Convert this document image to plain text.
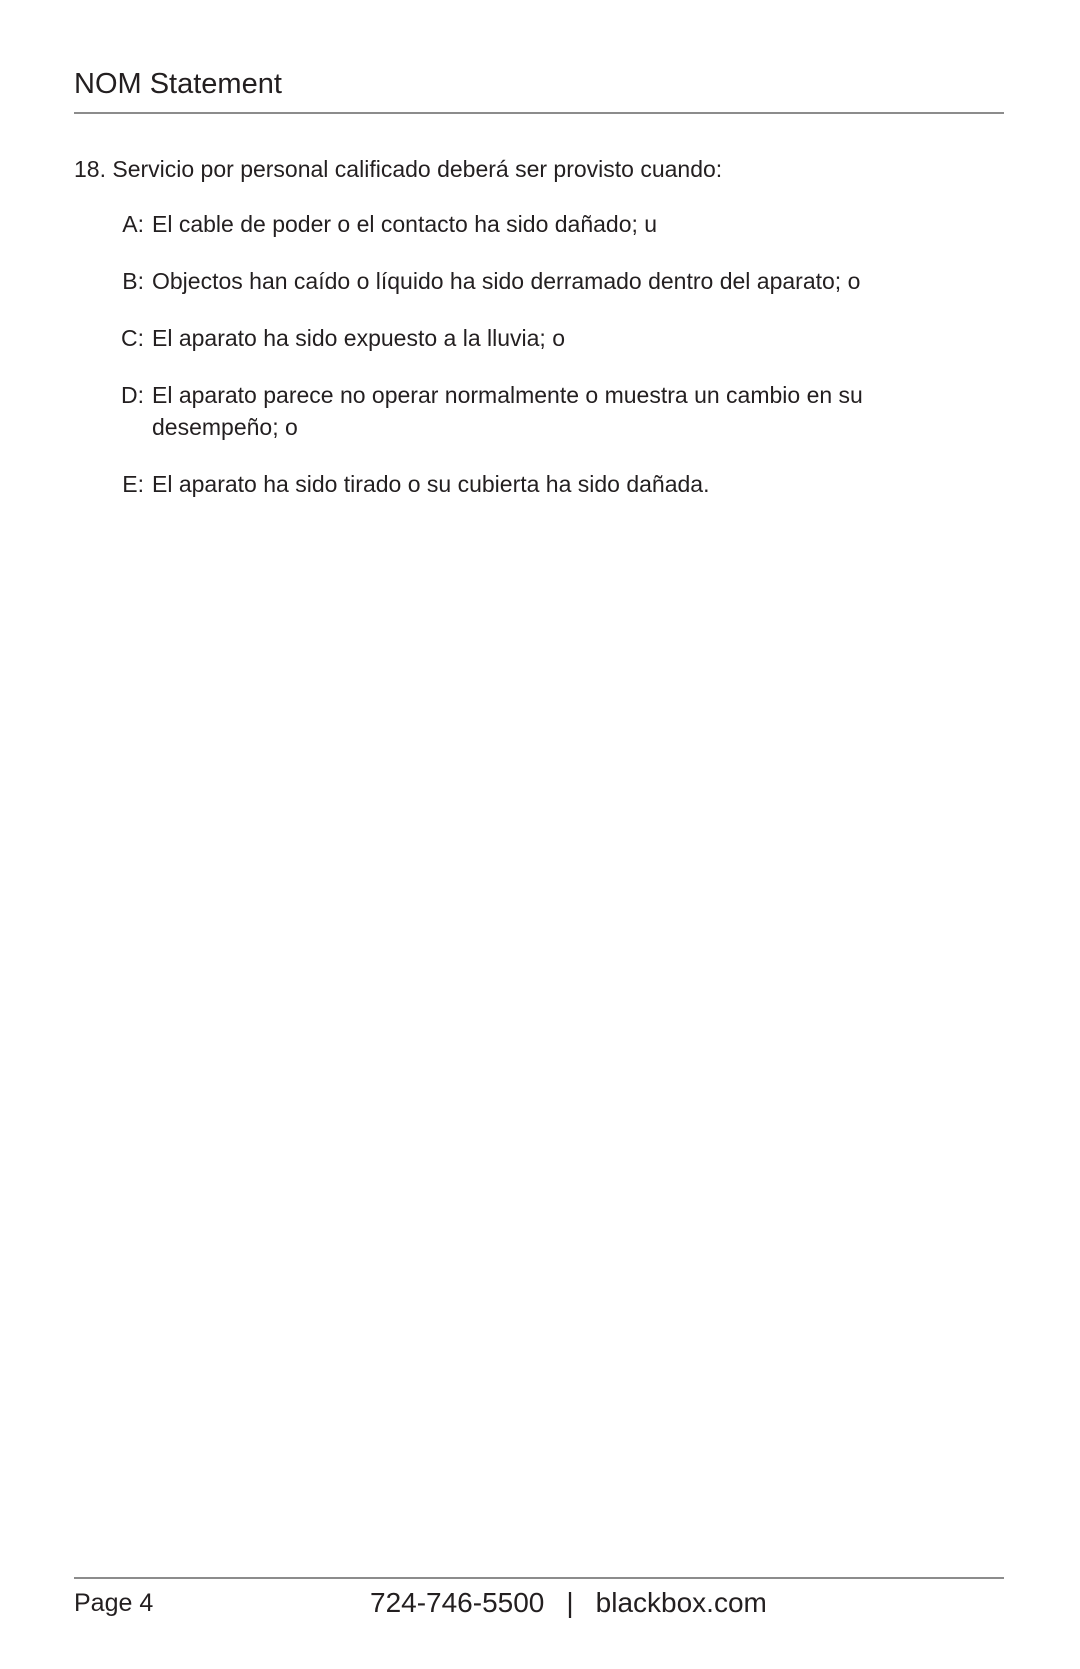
NOM Statement

18. Servicio por personal calificado deberá ser provisto cuando:

A: El cable de poder o el contacto ha sido dañado; u
B: Objectos han caído o líquido ha sido derramado dentro del aparato; o
C: El aparato ha sido expuesto a la lluvia; o
D: El aparato parece no operar normalmente o muestra un cambio en su desempeño; o
E: El aparato ha sido tirado o su cubierta ha sido dañada.
Page 4	724-746-5500 | blackbox.com
